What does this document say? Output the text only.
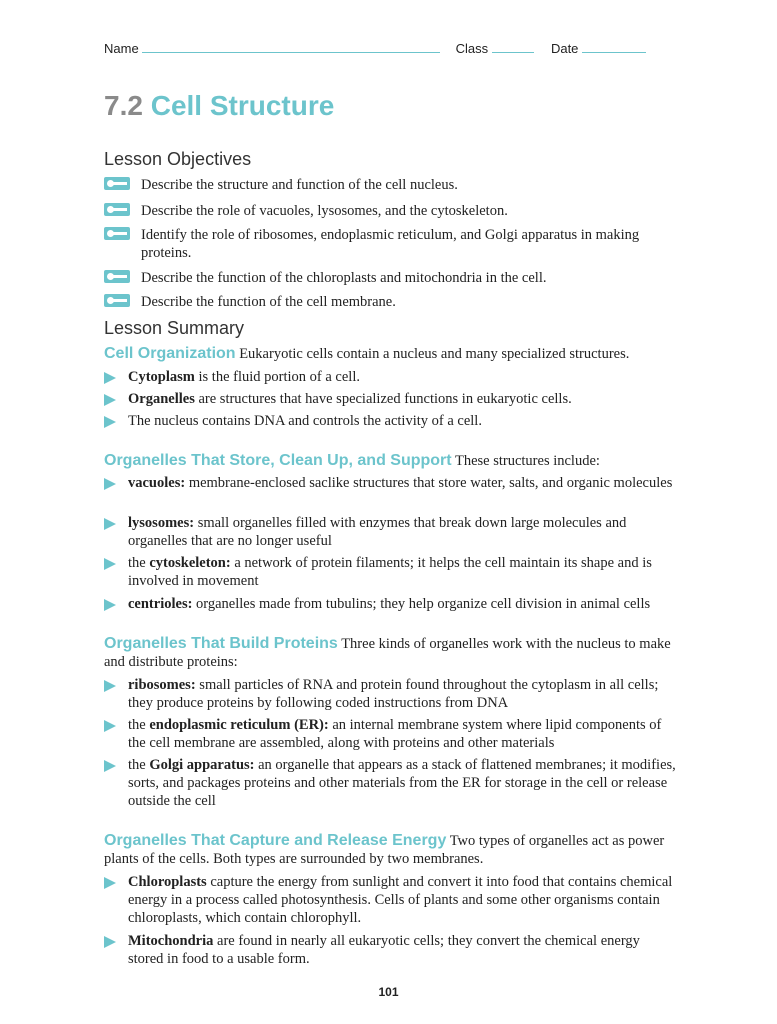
Name	Class	Date
7.2 Cell Structure
Lesson Objectives
Describe the structure and function of the cell nucleus.
Describe the role of vacuoles, lysosomes, and the cytoskeleton.
Identify the role of ribosomes, endoplasmic reticulum, and Golgi apparatus in making proteins.
Describe the function of the chloroplasts and mitochondria in the cell.
Describe the function of the cell membrane.
Lesson Summary
Cell Organization Eukaryotic cells contain a nucleus and many specialized structures.
Cytoplasm is the fluid portion of a cell.
Organelles are structures that have specialized functions in eukaryotic cells.
The nucleus contains DNA and controls the activity of a cell.
Organelles That Store, Clean Up, and Support These structures include:
vacuoles: membrane-enclosed saclike structures that store water, salts, and organic molecules
lysosomes: small organelles filled with enzymes that break down large molecules and organelles that are no longer useful
the cytoskeleton: a network of protein filaments; it helps the cell maintain its shape and is involved in movement
centrioles: organelles made from tubulins; they help organize cell division in animal cells
Organelles That Build Proteins Three kinds of organelles work with the nucleus to make and distribute proteins:
ribosomes: small particles of RNA and protein found throughout the cytoplasm in all cells; they produce proteins by following coded instructions from DNA
the endoplasmic reticulum (ER): an internal membrane system where lipid components of the cell membrane are assembled, along with proteins and other materials
the Golgi apparatus: an organelle that appears as a stack of flattened membranes; it modifies, sorts, and packages proteins and other materials from the ER for storage in the cell or release outside the cell
Organelles That Capture and Release Energy Two types of organelles act as power plants of the cells. Both types are surrounded by two membranes.
Chloroplasts capture the energy from sunlight and convert it into food that contains chemical energy in a process called photosynthesis. Cells of plants and some other organisms contain chloroplasts, which contain chlorophyll.
Mitochondria are found in nearly all eukaryotic cells; they convert the chemical energy stored in food to a usable form.
101
